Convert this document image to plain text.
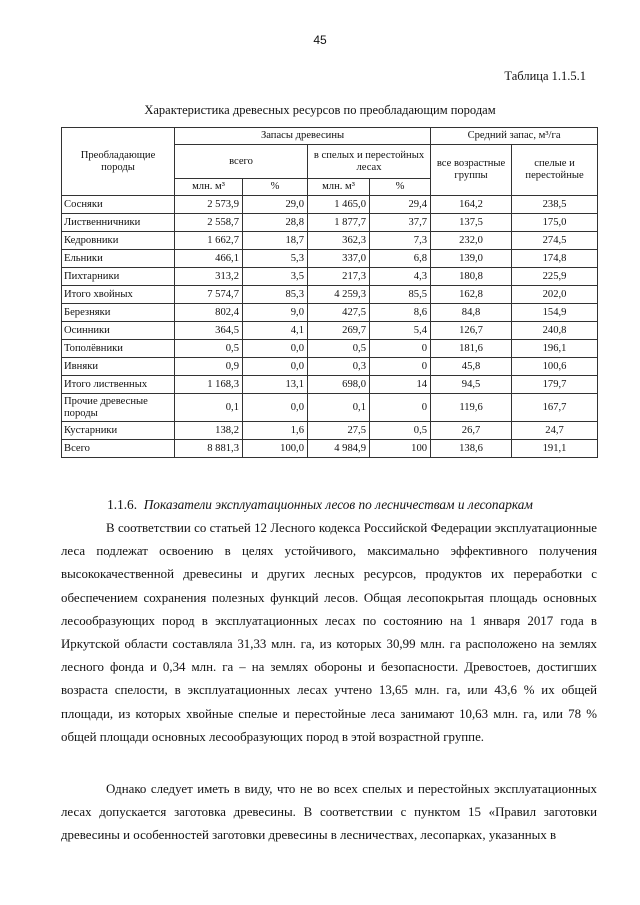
45
Таблица 1.1.5.1
Характеристика древесных ресурсов по преобладающим породам
Преобладающие породы	Запасы древесины				Средний запас, м³/га	
	всего		в спелых и перестойных лесах		все возрастные группы	спелые и перестойные
	млн. м³	%	млн. м³	%		
Сосняки	2 573,9	29,0	1 465,0	29,4	164,2	238,5
Лиственничники	2 558,7	28,8	1 877,7	37,7	137,5	175,0
Кедровники	1 662,7	18,7	362,3	7,3	232,0	274,5
Ельники	466,1	5,3	337,0	6,8	139,0	174,8
Пихтарники	313,2	3,5	217,3	4,3	180,8	225,9
Итого хвойных	7 574,7	85,3	4 259,3	85,5	162,8	202,0
Березняки	802,4	9,0	427,5	8,6	84,8	154,9
Осинники	364,5	4,1	269,7	5,4	126,7	240,8
Тополёвники	0,5	0,0	0,5	0	181,6	196,1
Ивняки	0,9	0,0	0,3	0	45,8	100,6
Итого лиственных	1 168,3	13,1	698,0	14	94,5	179,7
Прочие древесные породы	0,1	0,0	0,1	0	119,6	167,7
Кустарники	138,2	1,6	27,5	0,5	26,7	24,7
Всего	8 881,3	100,0	4 984,9	100	138,6	191,1
1.1.6. Показатели эксплуатационных лесов по лесничествам и лесопаркам

В соответствии со статьей 12 Лесного кодекса Российской Федерации эксплуатационные леса подлежат освоению в целях устойчивого, максимально эффективного получения высококачественной древесины и других лесных ресурсов, продуктов их переработки с обеспечением сохранения полезных функций лесов. Общая лесопокрытая площадь основных лесообразующих пород в эксплуатационных лесах по состоянию на 1 января 2017 года в Иркутской области составляла 31,33 млн. га, из которых 30,99 млн. га расположено на землях лесного фонда и 0,34 млн. га – на землях обороны и безопасности. Древостоев, достигших возраста спелости, в эксплуатационных лесах учтено 13,65 млн. га, или 43,6 % их общей площади, из которых хвойные спелые и перестойные леса занимают 10,63 млн. га, или 78 % общей площади основных лесообразующих пород в этой возрастной группе.

Однако следует иметь в виду, что не во всех спелых и перестойных эксплуатационных лесах допускается заготовка древесины. В соответствии с пунктом 15 «Правил заготовки древесины и особенностей заготовки древесины в лесничествах, лесопарках, указанных в
